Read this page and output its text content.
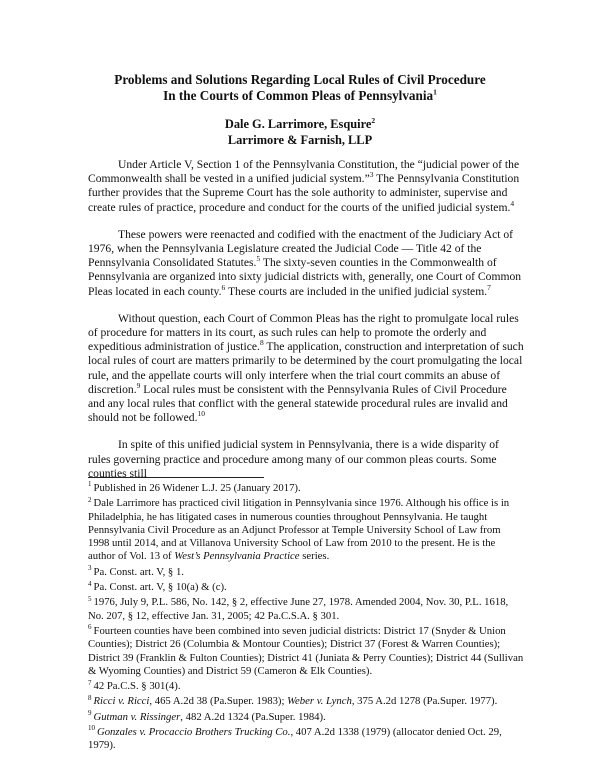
Problems and Solutions Regarding Local Rules of Civil Procedure
In the Courts of Common Pleas of Pennsylvania$^1$
Dale G. Larrimore, Esquire$^2$
Larrimore & Farnish, LLP

Under Article V, Section 1 of the Pennsylvania Constitution, the “judicial power of the Commonwealth shall be vested in a unified judicial system.”$^3$ The Pennsylvania Constitution further provides that the Supreme Court has the sole authority to administer, supervise and create rules of practice, procedure and conduct for the courts of the unified judicial system.$^4$

These powers were reenacted and codified with the enactment of the Judiciary Act of 1976, when the Pennsylvania Legislature created the Judicial Code — Title 42 of the Pennsylvania Consolidated Statutes.$^5$ The sixty-seven counties in the Commonwealth of Pennsylvania are organized into sixty judicial districts with, generally, one Court of Common Pleas located in each county.$^6$ These courts are included in the unified judicial system.$^7$

Without question, each Court of Common Pleas has the right to promulgate local rules of procedure for matters in its court, as such rules can help to promote the orderly and expeditious administration of justice.$^8$ The application, construction and interpretation of such local rules of court are matters primarily to be determined by the court promulgating the local rule, and the appellate courts will only interfere when the trial court commits an abuse of discretion.$^9$ Local rules must be consistent with the Pennsylvania Rules of Civil Procedure and any local rules that conflict with the general statewide procedural rules are invalid and should not be followed.$^{10}$

In spite of this unified judicial system in Pennsylvania, there is a wide disparity of rules governing practice and procedure among many of our common pleas courts. Some counties still

$^1$ Published in 26 Widener L.J. 25 (January 2017).
$^2$ Dale Larrimore has practiced civil litigation in Pennsylvania since 1976. Although his office is in Philadelphia, he has litigated cases in numerous counties throughout Pennsylvania. He taught Pennsylvania Civil Procedure as an Adjunct Professor at Temple University School of Law from 1998 until 2014, and at Villanova University School of Law from 2010 to the present. He is the author of Vol. 13 of West’s Pennsylvania Practice series.
$^3$ Pa. Const. art. V, § 1.
$^4$ Pa. Const. art. V, § 10(a) & (c).
$^5$ 1976, July 9, P.L. 586, No. 142, § 2, effective June 27, 1978. Amended 2004, Nov. 30, P.L. 1618, No. 207, § 12, effective Jan. 31, 2005; 42 Pa.C.S.A. § 301.
$^6$ Fourteen counties have been combined into seven judicial districts: District 17 (Snyder & Union Counties); District 26 (Columbia & Montour Counties); District 37 (Forest & Warren Counties); District 39 (Franklin & Fulton Counties); District 41 (Juniata & Perry Counties); District 44 (Sullivan & Wyoming Counties) and District 59 (Cameron & Elk Counties).
$^7$ 42 Pa.C.S. § 301(4).
$^8$ Ricci v. Ricci, 465 A.2d 38 (Pa.Super. 1983); Weber v. Lynch, 375 A.2d 1278 (Pa.Super. 1977).
$^9$ Gutman v. Rissinger, 482 A.2d 1324 (Pa.Super. 1984).
$^{10}$ Gonzales v. Procaccio Brothers Trucking Co., 407 A.2d 1338 (1979) (allocator denied Oct. 29, 1979).
